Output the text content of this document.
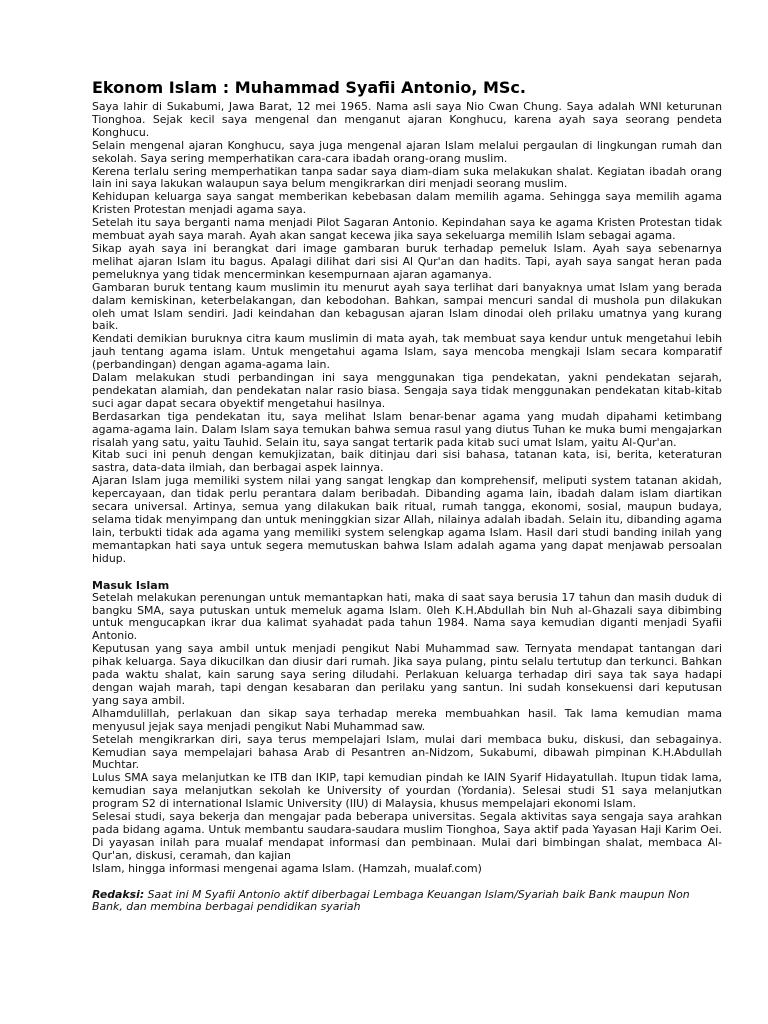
Ekonom Islam : Muhammad Syafii Antonio, MSc.

Saya lahir di Sukabumi, Jawa Barat, 12 mei 1965. Nama asli saya Nio Cwan Chung. Saya adalah WNI keturunan Tionghoa. Sejak kecil saya mengenal dan menganut ajaran Konghucu, karena ayah saya seorang pendeta Konghucu.

Selain mengenal ajaran Konghucu, saya juga mengenal ajaran Islam melalui pergaulan di lingkungan rumah dan sekolah. Saya sering memperhatikan cara-cara ibadah orang-orang muslim.

Kerena terlalu sering memperhatikan tanpa sadar saya diam-diam suka melakukan shalat. Kegiatan ibadah orang lain ini saya lakukan walaupun saya belum mengikrarkan diri menjadi seorang muslim.

Kehidupan keluarga saya sangat memberikan kebebasan dalam memilih agama. Sehingga saya memilih agama Kristen Protestan menjadi agama saya.

Setelah itu saya berganti nama menjadi Pilot Sagaran Antonio. Kepindahan saya ke agama Kristen Protestan tidak membuat ayah saya marah. Ayah akan sangat kecewa jika saya sekeluarga memilih Islam sebagai agama.

Sikap ayah saya ini berangkat dari image gambaran buruk terhadap pemeluk Islam. Ayah saya sebenarnya melihat ajaran Islam itu bagus. Apalagi dilihat dari sisi Al Qur'an dan hadits. Tapi, ayah saya sangat heran pada pemeluknya yang tidak mencerminkan kesempurnaan ajaran agamanya.

Gambaran buruk tentang kaum muslimin itu menurut ayah saya terlihat dari banyaknya umat Islam yang berada dalam kemiskinan, keterbelakangan, dan kebodohan. Bahkan, sampai mencuri sandal di mushola pun dilakukan oleh umat Islam sendiri. Jadi keindahan dan kebagusan ajaran Islam dinodai oleh prilaku umatnya yang kurang baik.

Kendati demikian buruknya citra kaum muslimin di mata ayah, tak membuat saya kendur untuk mengetahui lebih jauh tentang agama islam. Untuk mengetahui agama Islam, saya mencoba mengkaji Islam secara komparatif (perbandingan) dengan agama-agama lain.

Dalam melakukan studi perbandingan ini saya menggunakan tiga pendekatan, yakni pendekatan sejarah, pendekatan alamiah, dan pendekatan nalar rasio biasa. Sengaja saya tidak menggunakan pendekatan kitab-kitab suci agar dapat secara obyektif mengetahui hasilnya.

Berdasarkan tiga pendekatan itu, saya melihat Islam benar-benar agama yang mudah dipahami ketimbang agama-agama lain. Dalam Islam saya temukan bahwa semua rasul yang diutus Tuhan ke muka bumi mengajarkan risalah yang satu, yaitu Tauhid. Selain itu, saya sangat tertarik pada kitab suci umat Islam, yaitu Al-Qur'an.

Kitab suci ini penuh dengan kemukjizatan, baik ditinjau dari sisi bahasa, tatanan kata, isi, berita, keteraturan sastra, data-data ilmiah, dan berbagai aspek lainnya.

Ajaran Islam juga memiliki system nilai yang sangat lengkap dan komprehensif, meliputi system tatanan akidah, kepercayaan, dan tidak perlu perantara dalam beribadah. Dibanding agama lain, ibadah dalam islam diartikan secara universal. Artinya, semua yang dilakukan baik ritual, rumah tangga, ekonomi, sosial, maupun budaya, selama tidak menyimpang dan untuk meninggkian sizar Allah, nilainya adalah ibadah. Selain itu, dibanding agama lain, terbukti tidak ada agama yang memiliki system selengkap agama Islam. Hasil dari studi banding inilah yang memantapkan hati saya untuk segera memutuskan bahwa Islam adalah agama yang dapat menjawab persoalan hidup.

Masuk Islam

Setelah melakukan perenungan untuk memantapkan hati, maka di saat saya berusia 17 tahun dan masih duduk di bangku SMA, saya putuskan untuk memeluk agama Islam. 0leh K.H.Abdullah bin Nuh al-Ghazali saya dibimbing untuk mengucapkan ikrar dua kalimat syahadat pada tahun 1984. Nama saya kemudian diganti menjadi Syafii Antonio.

Keputusan yang saya ambil untuk menjadi pengikut Nabi Muhammad saw. Ternyata mendapat tantangan dari pihak keluarga. Saya dikucilkan dan diusir dari rumah. Jika saya pulang, pintu selalu tertutup dan terkunci. Bahkan pada waktu shalat, kain sarung saya sering diludahi. Perlakuan keluarga terhadap diri saya tak saya hadapi dengan wajah marah, tapi dengan kesabaran dan perilaku yang santun. Ini sudah konsekuensi dari keputusan yang saya ambil.

Alhamdulillah, perlakuan dan sikap saya terhadap mereka membuahkan hasil. Tak lama kemudian mama menyusul jejak saya menjadi pengikut Nabi Muhammad saw.

Setelah mengikrarkan diri, saya terus mempelajari Islam, mulai dari membaca buku, diskusi, dan sebagainya. Kemudian saya mempelajari bahasa Arab di Pesantren an-Nidzom, Sukabumi, dibawah pimpinan K.H.Abdullah Muchtar.

Lulus SMA saya melanjutkan ke ITB dan IKIP, tapi kemudian pindah ke IAIN Syarif Hidayatullah. Itupun tidak lama, kemudian saya melanjutkan sekolah ke University of yourdan (Yordania). Selesai studi S1 saya melanjutkan program S2 di international Islamic University (IIU) di Malaysia, khusus mempelajari ekonomi Islam.

Selesai studi, saya bekerja dan mengajar pada beberapa universitas. Segala aktivitas saya sengaja saya arahkan pada bidang agama. Untuk membantu saudara-saudara muslim Tionghoa, Saya aktif pada Yayasan Haji Karim Oei. Di yayasan inilah para mualaf mendapat informasi dan pembinaan. Mulai dari bimbingan shalat, membaca Al-Qur'an, diskusi, ceramah, dan kajian

Islam, hingga informasi mengenai agama Islam. (Hamzah, mualaf.com)

Redaksi: Saat ini M Syafii Antonio aktif diberbagai Lembaga Keuangan Islam/Syariah baik Bank maupun Non Bank, dan membina berbagai pendidikan syariah
